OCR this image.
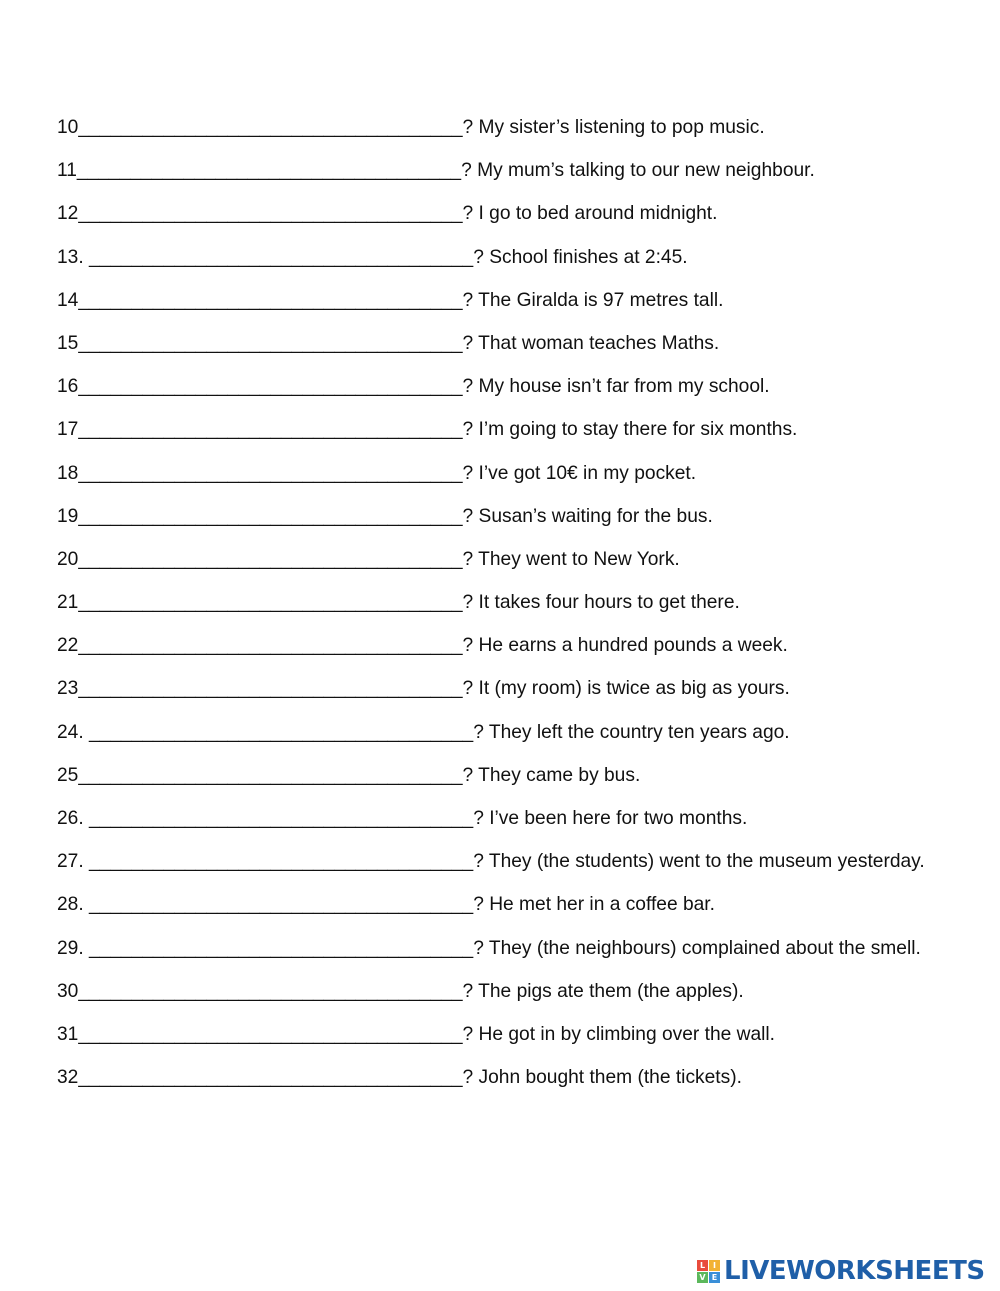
10____________________________________? My sister’s listening to pop music.
11____________________________________? My mum’s talking to our new neighbour.
12____________________________________? I go to bed around midnight.
13. ____________________________________? School finishes at 2:45.
14____________________________________? The Giralda is 97 metres tall.
15____________________________________? That woman teaches Maths.
16____________________________________? My house isn’t far from my school.
17____________________________________? I’m going to stay there for six months.
18____________________________________? I’ve got 10€ in my pocket.
19____________________________________? Susan’s waiting for the bus.
20____________________________________? They went to New York.
21____________________________________? It takes four hours to get there.
22____________________________________? He earns a hundred pounds a week.
23____________________________________? It (my room) is twice as big as yours.
24. ____________________________________? They left the country ten years ago.
25____________________________________? They came by bus.
26. ____________________________________? I’ve been here for two months.
27. ____________________________________? They (the students) went to the museum yesterday.
28. ____________________________________? He met her in a coffee bar.
29. ____________________________________? They (the neighbours) complained about the smell.
30____________________________________? The pigs ate them (the apples).
31____________________________________? He got in by climbing over the wall.
32____________________________________? John bought them (the tickets).
L I
V E LIVEWORKSHEETS
